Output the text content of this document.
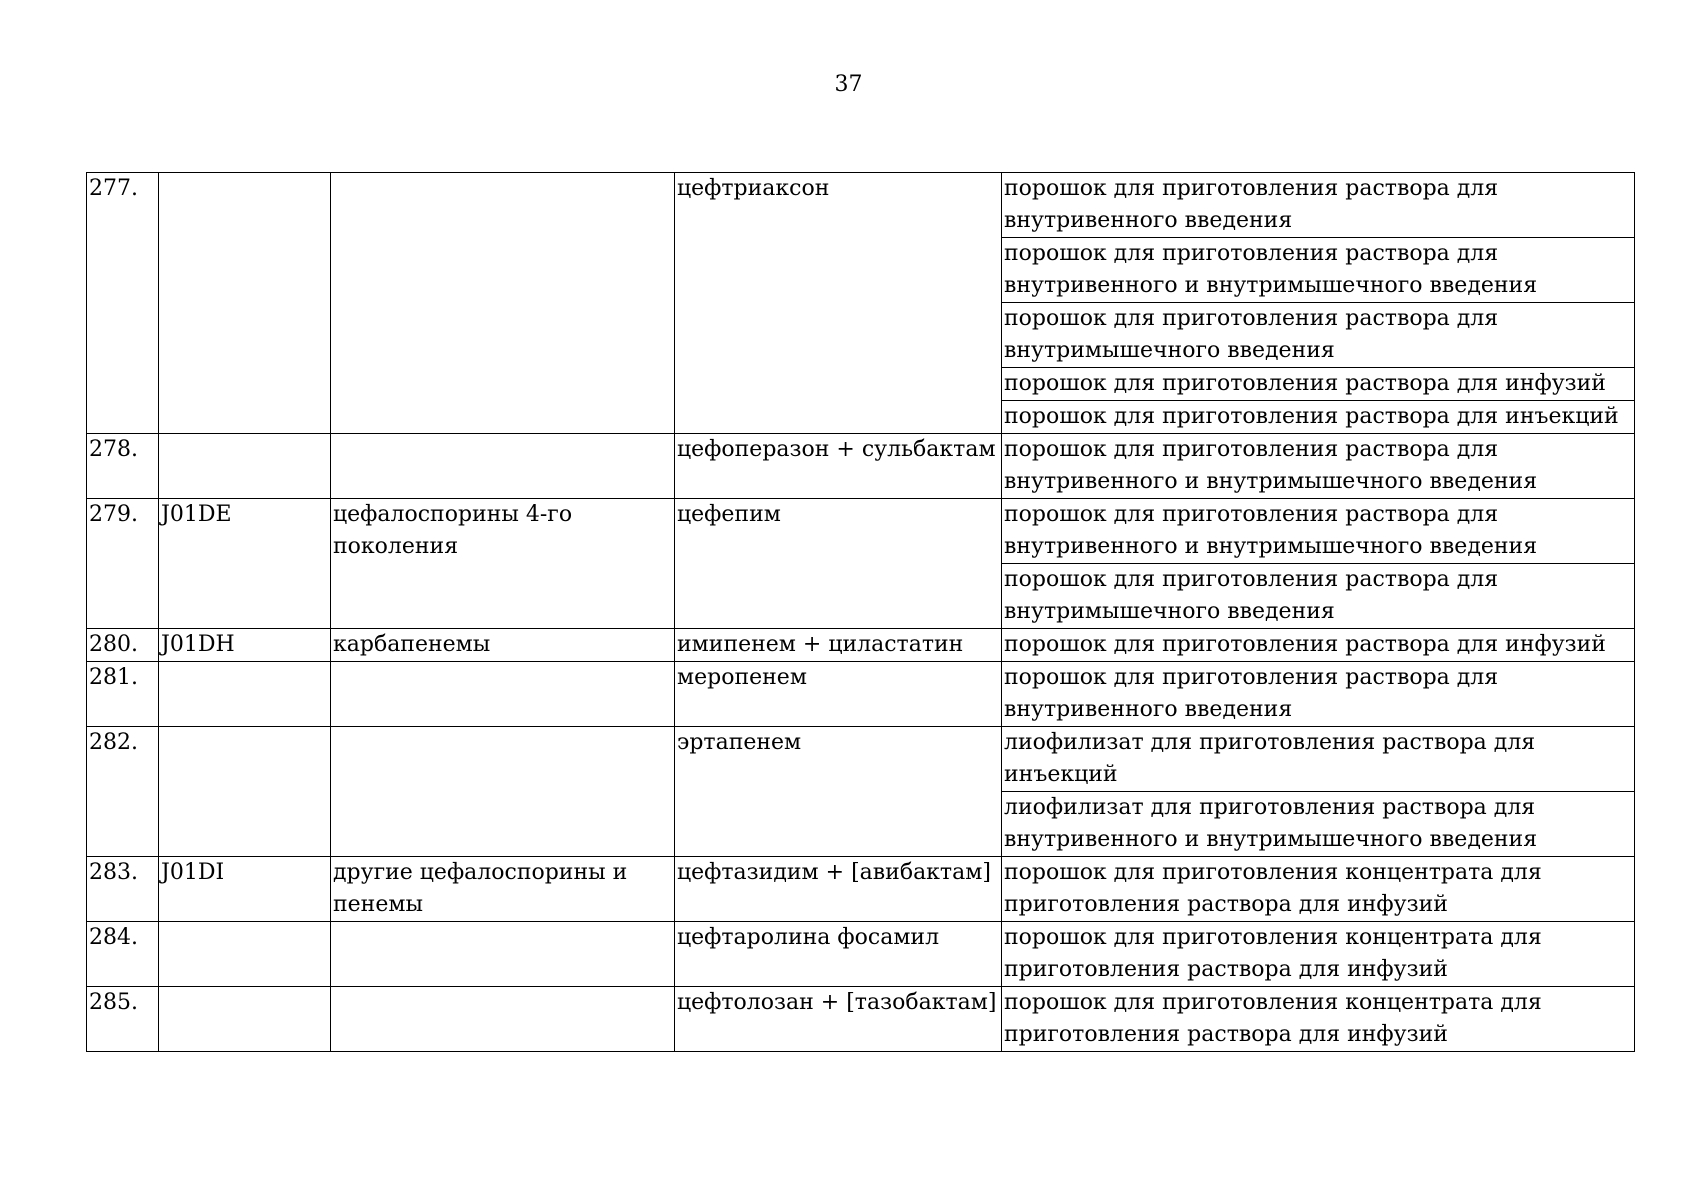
37
277.			цефтриаксон	порошок для приготовления раствора для внутривенного введения
				порошок для приготовления раствора для внутривенного и внутримышечного введения
				порошок для приготовления раствора для внутримышечного введения
				порошок для приготовления раствора для инфузий
				порошок для приготовления раствора для инъекций
278.			цефоперазон + сульбактам	порошок для приготовления раствора для внутривенного и внутримышечного введения
279.	J01DE	цефалоспорины 4-го поколения	цефепим	порошок для приготовления раствора для внутривенного и внутримышечного введения
				порошок для приготовления раствора для внутримышечного введения
280.	J01DH	карбапенемы	имипенем + циластатин	порошок для приготовления раствора для инфузий
281.			меропенем	порошок для приготовления раствора для внутривенного введения
282.			эртапенем	лиофилизат для приготовления раствора для инъекций
				лиофилизат для приготовления раствора для внутривенного и внутримышечного введения
283.	J01DI	другие цефалоспорины и пенемы	цефтазидим + [авибактам]	порошок для приготовления концентрата для приготовления раствора для инфузий
284.			цефтаролина фосамил	порошок для приготовления концентрата для приготовления раствора для инфузий
285.			цефтолозан + [тазобактам]	порошок для приготовления концентрата для приготовления раствора для инфузий
